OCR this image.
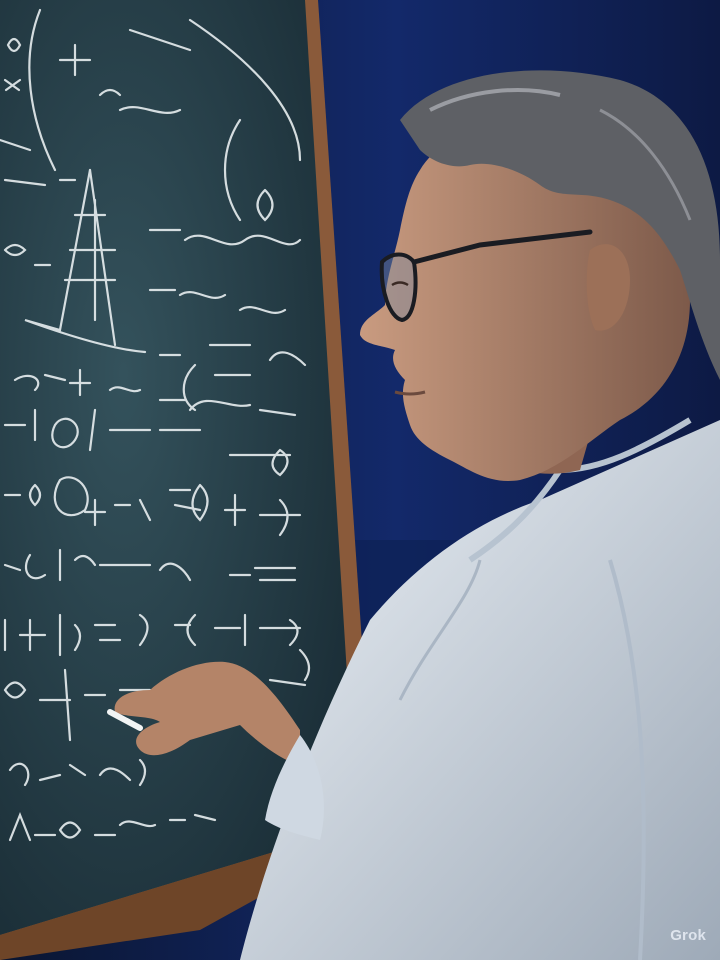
Grok
